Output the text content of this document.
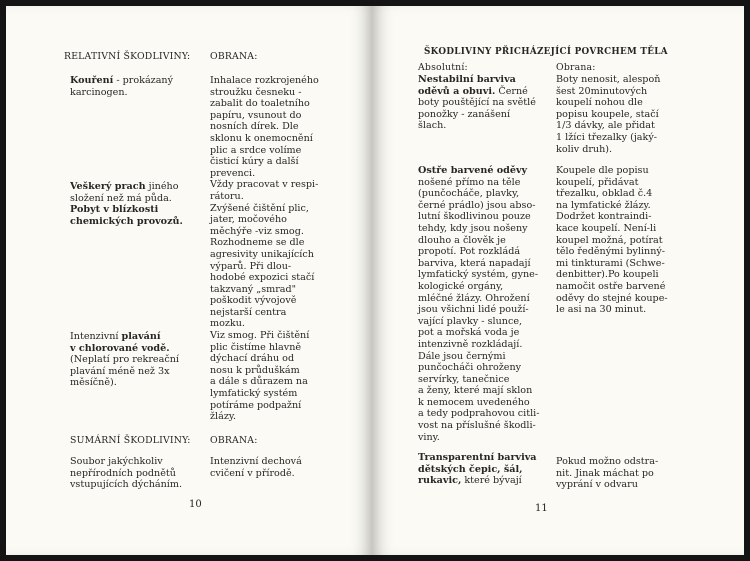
RELATIVNÍ ŠKODLIVINY: OBRANA:
Kouření - prokázaný
karcinogen.
Inhalace rozkrojeného
stroužku česneku -
zabalit do toaletního
papíru, vsunout do
nosních dírek. Dle
sklonu k onemocnění
plic a srdce volíme
čisticí kúry a další
prevenci.
Vždy pracovat v respi-
rátoru.
Zvýšené čištění plic,
jater, močového
měchýře -viz smog.
Rozhodneme se dle
agresivity unikajících
výparů. Při dlou-
hodobé expozici stačí
takzvaný „smrad"
poškodit vývojově
nejstarší centra
mozku.
Viz smog. Při čištění
plic čistíme hlavně
dýchací dráhu od
nosu k průduškám
a dále s důrazem na
lymfatický systém
potíráme podpažní
žlázy.
Veškerý prach jiného
složení než má půda.
Pobyt v blízkosti
chemických provozů.
Intenzivní plavání
v chlorované vodě.
(Neplatí pro rekreační
plavání méně než 3x
měsíčně).
SUMÁRNÍ ŠKODLIVINY: OBRANA:
Soubor jakýchkoliv
nepřírodních podnětů
vstupujících dýcháním.
Intenzivní dechová
cvičení v přírodě.
10
ŠKODLIVINY PŘICHÁZEJÍCÍ POVRCHEM TĚLA
Absolutní:	Obrana:
Nestabilní barviva
oděvů a obuvi. Černé
boty pouštějící na světlé
ponožky - zanášení
šlach.
Boty nenosit, alespoň
šest 20minutových
koupelí nohou dle
popisu koupele, stačí
1/3 dávky, ale přidat
1 lžíci třezalky (jaký-
koliv druh).
Ostře barvené oděvy
nošené přímo na těle
(punčocháče, plavky,
černé prádlo) jsou abso-
lutní škodlivinou pouze
tehdy, kdy jsou nošeny
dlouho a člověk je
propotí. Pot rozkládá
barviva, která napadají
lymfatický systém, gyne-
kologické orgány,
mléčné žlázy. Ohrožení
jsou všichni lidé použí-
vající plavky - slunce,
pot a mořská voda je
intenzivně rozkládají.
Dále jsou černými
punčocháči ohroženy
servírky, tanečnice
a ženy, které mají sklon
k nemocem uvedeného
a tedy podprahovou citli-
vost na příslušné škodli-
viny.
Koupele dle popisu
koupelí, přidávat
třezalku, obklad č.4
na lymfatické žlázy.
Dodržet kontraindi-
kace koupelí. Není-li
koupel možná, potírat
tělo ředěnými bylinný-
mi tinkturami (Schwe-
denbitter).Po koupeli
namočit ostře barvené
oděvy do stejné koupe-
le asi na 30 minut.
Transparentní barviva
dětských čepic, šál,
rukavic, které bývají
Pokud možno odstra-
nit. Jinak máchat po
vyprání v odvaru
11
